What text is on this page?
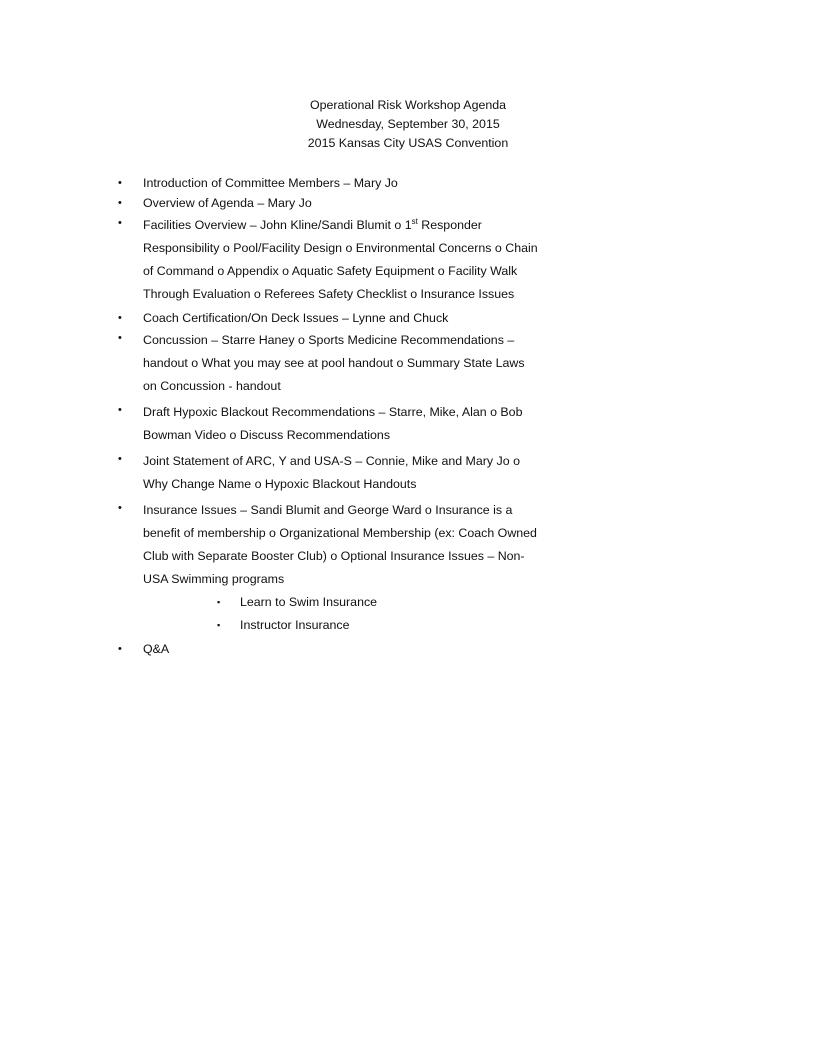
Operational Risk Workshop Agenda
Wednesday, September 30, 2015
2015 Kansas City USAS Convention
• Introduction of Committee Members – Mary Jo
• Overview of Agenda – Mary Jo
• Facilities Overview – John Kline/Sandi Blumit o 1st Responder Responsibility o Pool/Facility Design o Environmental Concerns o Chain of Command o Appendix o Aquatic Safety Equipment o Facility Walk Through Evaluation o Referees Safety Checklist o Insurance Issues
• Coach Certification/On Deck Issues – Lynne and Chuck
• Concussion – Starre Haney o Sports Medicine Recommendations – handout o What you may see at pool handout o Summary State Laws on Concussion - handout
• Draft Hypoxic Blackout Recommendations – Starre, Mike, Alan o Bob Bowman Video o Discuss Recommendations
• Joint Statement of ARC, Y and USA-S – Connie, Mike and Mary Jo o Why Change Name o Hypoxic Blackout Handouts
• Insurance Issues – Sandi Blumit and George Ward o Insurance is a benefit of membership o Organizational Membership (ex: Coach Owned Club with Separate Booster Club) o Optional Insurance Issues – Non-USA Swimming programs
▪ Learn to Swim Insurance
▪ Instructor Insurance
• Q&A
